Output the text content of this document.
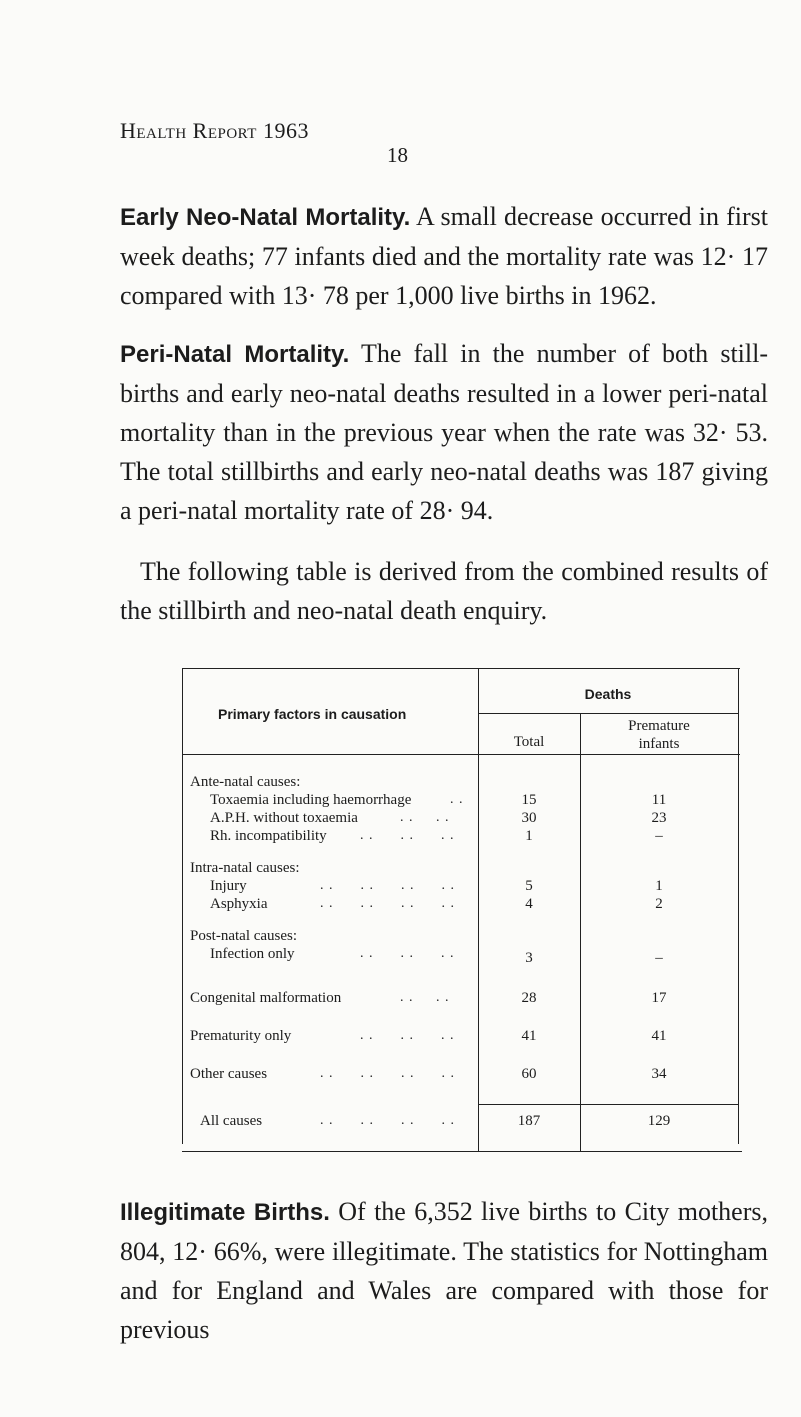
Health Report 1963
18
Early Neo-Natal Mortality. A small decrease occurred in first week deaths; 77 infants died and the mortality rate was 12· 17 compared with 13· 78 per 1,000 live births in 1962.
Peri-Natal Mortality. The fall in the number of both still-births and early neo-natal deaths resulted in a lower peri-natal mortality than in the previous year when the rate was 32· 53. The total stillbirths and early neo-natal deaths was 187 giving a peri-natal mortality rate of 28· 94.
The following table is derived from the combined results of the stillbirth and neo-natal death enquiry.
Primary factors in causation
Deaths
Total
Premature
infants
Ante-natal causes:
Toxaemia including haemorrhage	. .	15	11
A.P.H. without toxaemia	. .     . .	30	23
Rh. incompatibility . .      . .      . .	1	–
Intra-natal causes:
Injury	. .      . .      . .      . .	5	1
Asphyxia	. .      . .      . .      . .	4	2
Post-natal causes:
Infection only	. .      . .      . .	3	–
Congenital malformation	. .     . .	28	17
Prematurity only	. .      . .      . .	41	41
Other causes	. .      . .      . .      . .	60	34
All causes	. .      . .      . .      . .	187	129
Illegitimate Births. Of the 6,352 live births to City mothers, 804, 12· 66%, were illegitimate. The statistics for Nottingham and for England and Wales are compared with those for previous
